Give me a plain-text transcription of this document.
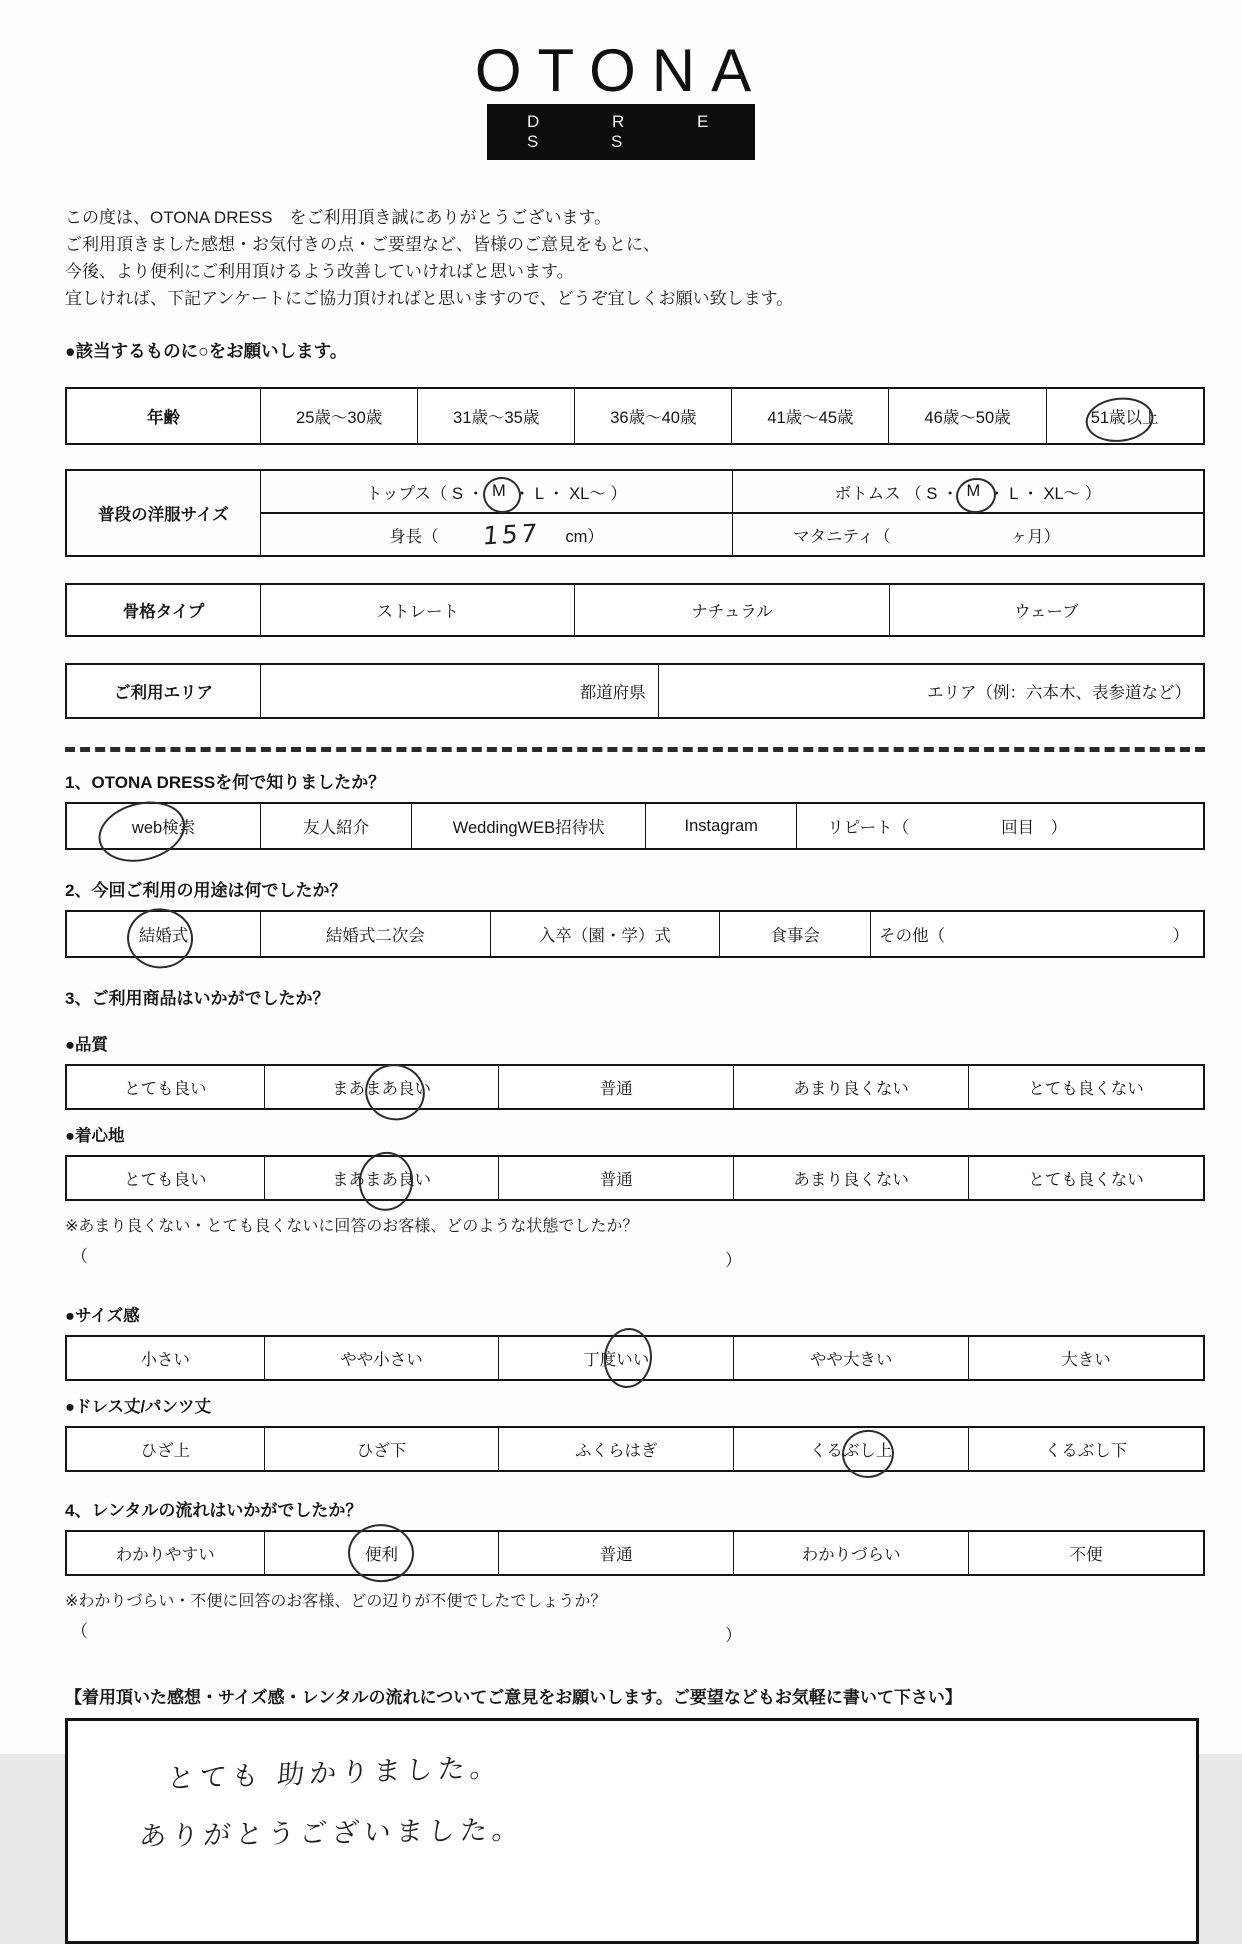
OTONA
D R E S S

この度は、OTONA DRESS　をご利用頂き誠にありがとうございます。

ご利用頂きました感想・お気付きの点・ご要望など、皆様のご意見をもとに、

今後、より便利にご利用頂けるよう改善していければと思います。

宜しければ、下記アンケートにご協力頂ければと思いますので、どうぞ宜しくお願い致します。

●該当するものに○をお願いします。
年齢	25歳〜30歳	31歳〜35歳	36歳〜40歳	41歳〜45歳	46歳〜50歳	51歳以上
普段の洋服サイズ
トップス（ S ・ M ・ L ・ XL〜 ）	ボトムス （ S ・ M ・ L ・ XL〜 ）
身長（ 157 cm）	マタニティ（	ヶ月）
骨格タイプ	ストレート	ナチュラル	ウェーブ
ご利用エリア	都道府県	エリア（例：六本木、表参道など）
1、OTONA DRESSを何で知りましたか？
web検索	友人紹介	WeddingWEB招待状	Instagram	リピート（	回目　）
2、今回ご利用の用途は何でしたか？
結婚式	結婚式二次会	入卒（園・学）式	食事会	その他（	）
3、ご利用商品はいかがでしたか？
●品質
とても良い	まあまあ良い	普通	あまり良くない	とても良くない
●着心地
とても良い	まあまあ良い	普通	あまり良くない	とても良くない
※あまり良くない・とても良くないに回答のお客様、どのような状態でしたか？
（	）
●サイズ感
小さい	やや小さい	丁度いい	やや大きい	大きい
●ドレス丈/パンツ丈
ひざ上	ひざ下	ふくらはぎ	くるぶし上	くるぶし下
4、レンタルの流れはいかがでしたか？
わかりやすい	便利	普通	わかりづらい	不便
※わかりづらい・不便に回答のお客様、どの辺りが不便でしたでしょうか？
（	）
【着用頂いた感想・サイズ感・レンタルの流れについてご意見をお願いします。ご要望などもお気軽に書いて下さい】
とても 助かりました。
ありがとうございました。
